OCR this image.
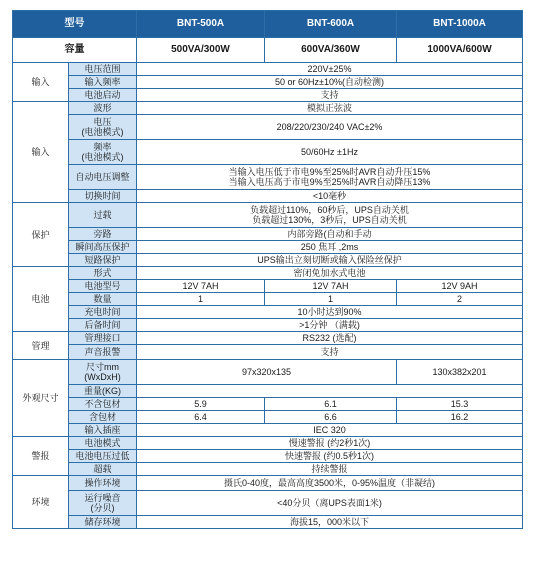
型号		BNT-500A	BNT-600A	BNT-1000A
容量		500VA/300W	600VA/360W	1000VA/600W
输入	电压范围	220V±25%		
	输入频率	50 or 60Hz±10%(自动检测)		
	电池启动	支持		
输入	波形	模拟正弦波		
	电压
(电池模式)	208/220/230/240 VAC±2%		
	频率
(电池模式)	50/60Hz ±1Hz		
	自动电压调整	当输入电压低于市电9%至25%时AVR自动升压15%
当输入电压高于市电9%至25%时AVR自动降压13%		
	切换时间	<10毫秒		
保护	过载	负载超过110%，60秒后，UPS自动关机
负载超过130%，3秒后，UPS自动关机		
	旁路	内部旁路(自动和手动		
	瞬间高压保护	250 焦耳 ,2ms		
	短路保护	UPS输出立刻切断或输入保险丝保护		
电池	形式	密闭免加水式电池		
	电池型号	12V 7AH	12V 7AH	12V 9AH
	数量	1	1	2
	充电时间	10小时达到90%		
	后备时间	>1分钟 （满载)		
管理	管理接口	RS232 (选配)		
	声音报警	支持		
外观尺寸	尺寸mm
(WxDxH)	97x320x135		130x382x201
	重量(KG)			
	不含包材	5.9	6.1	15.3
	含包材	6.4	6.6	16.2
	输入插座	IEC 320		
警报	电池模式	慢速警报 (约2秒1次)		
	电池电压过低	快速警报 (约0.5秒1次)		
	超载	持续警报		
环境	操作环境	摄氏0-40度，最高高度3500米，0-95%温度（非凝结)		
	运行噪音
(分贝)	<40分贝（离UPS表面1米)		
	储存环境	海拔15，000米以下		
